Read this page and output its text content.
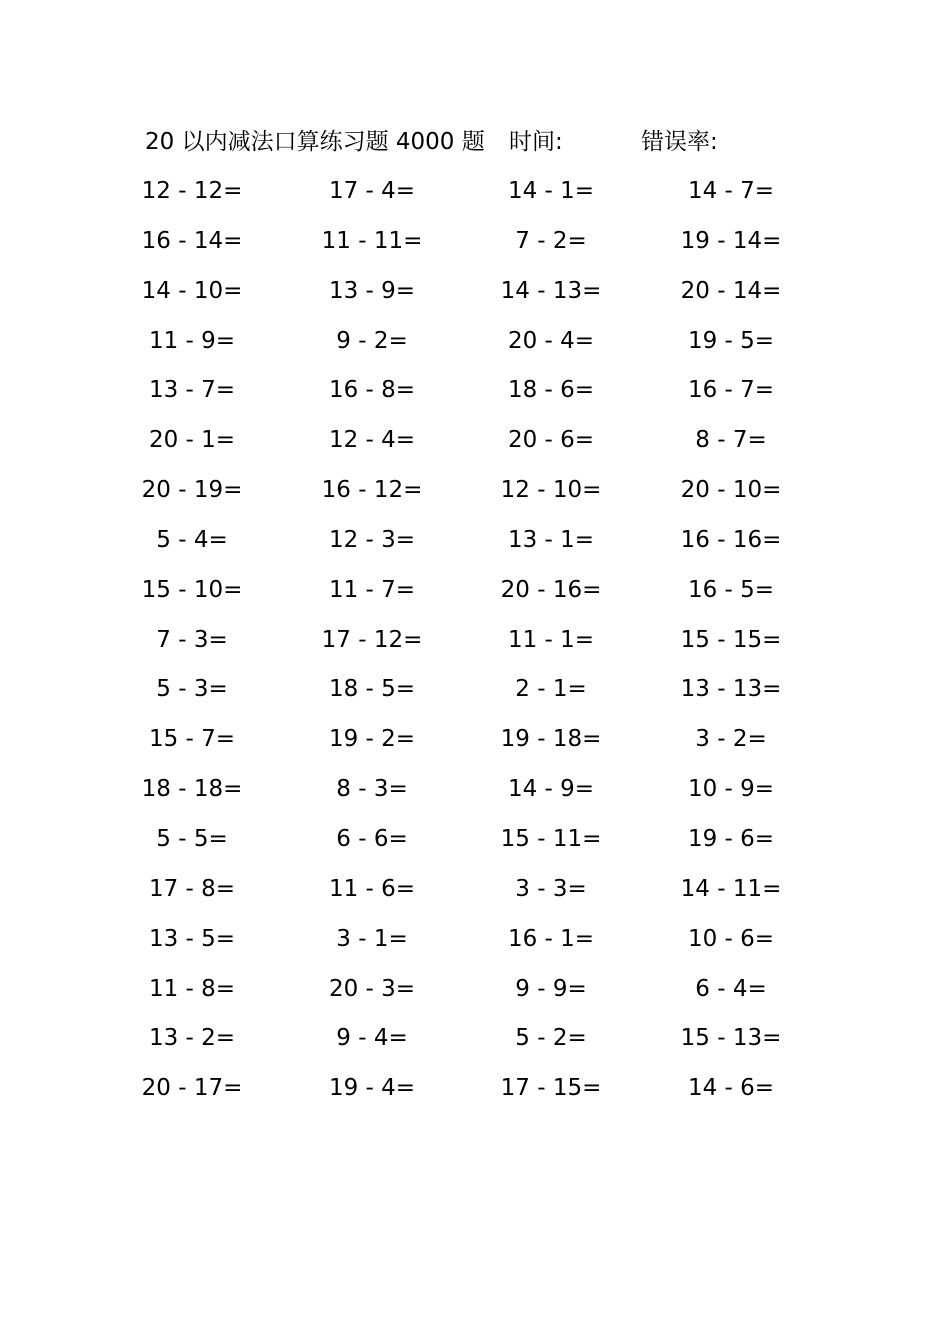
20 以内减法口算练习题 4000 题 时间:	错误率:
12 - 12=	17 - 4=	14 - 1=	14 - 7=
16 - 14=	11 - 11=	7 - 2=	19 - 14=
14 - 10=	13 - 9=	14 - 13=	20 - 14=
11 - 9=	9 - 2=	20 - 4=	19 - 5=
13 - 7=	16 - 8=	18 - 6=	16 - 7=
20 - 1=	12 - 4=	20 - 6=	8 - 7=
20 - 19=	16 - 12=	12 - 10=	20 - 10=
5 - 4=	12 - 3=	13 - 1=	16 - 16=
15 - 10=	11 - 7=	20 - 16=	16 - 5=
7 - 3=	17 - 12=	11 - 1=	15 - 15=
5 - 3=	18 - 5=	2 - 1=	13 - 13=
15 - 7=	19 - 2=	19 - 18=	3 - 2=
18 - 18=	8 - 3=	14 - 9=	10 - 9=
5 - 5=	6 - 6=	15 - 11=	19 - 6=
17 - 8=	11 - 6=	3 - 3=	14 - 11=
13 - 5=	3 - 1=	16 - 1=	10 - 6=
11 - 8=	20 - 3=	9 - 9=	6 - 4=
13 - 2=	9 - 4=	5 - 2=	15 - 13=
20 - 17=	19 - 4=	17 - 15=	14 - 6=
